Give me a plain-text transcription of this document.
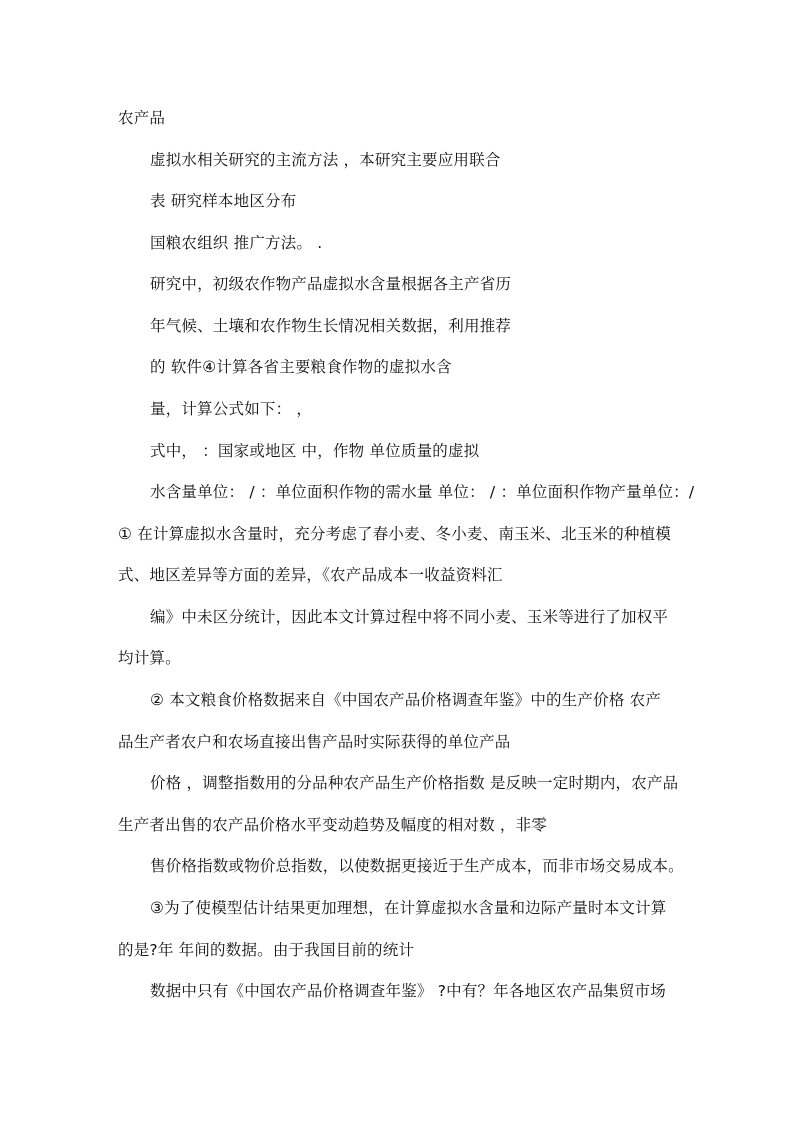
农产品
虚拟水相关研究的主流方法 ，本研究主要应用联合
表 研究样本地区分布
国粮农组织 推广方法。 .
研究中，初级农作物产品虚拟水含量根据各主产省历
年气候、土壤和农作物生长情况相关数据，利用推荐
的 软件④计算各省主要粮食作物的虚拟水含
量，计算公式如下： ，
式中， ：国家或地区 中，作物 单位质量的虚拟
水含量单位： / ：单位面积作物的需水量 单位： / ：单位面积作物产量单位：/
① 在计算虚拟水含量时，充分考虑了春小麦、冬小麦、南玉米、北玉米的种植模
式、地区差异等方面的差异，《农产品成本一收益资料汇
编》中未区分统计，因此本文计算过程中将不同小麦、玉米等进行了加权平
均计算。
② 本文粮食价格数据来自《中国农产品价格调查年鉴》中的生产价格 农产
品生产者农户和农场直接出售产品时实际获得的单位产品
价格 ，调整指数用的分品种农产品生产价格指数 是反映一定时期内，农产品
生产者出售的农产品价格水平变动趋势及幅度的相对数 ，非零
售价格指数或物价总指数，以使数据更接近于生产成本，而非市场交易成本。
③为了使模型估计结果更加理想，在计算虚拟水含量和边际产量时本文计算
的是?年 年间的数据。由于我国目前的统计
数据中只有《中国农产品价格调查年鉴》 ?中有？年各地区农产品集贸市场
